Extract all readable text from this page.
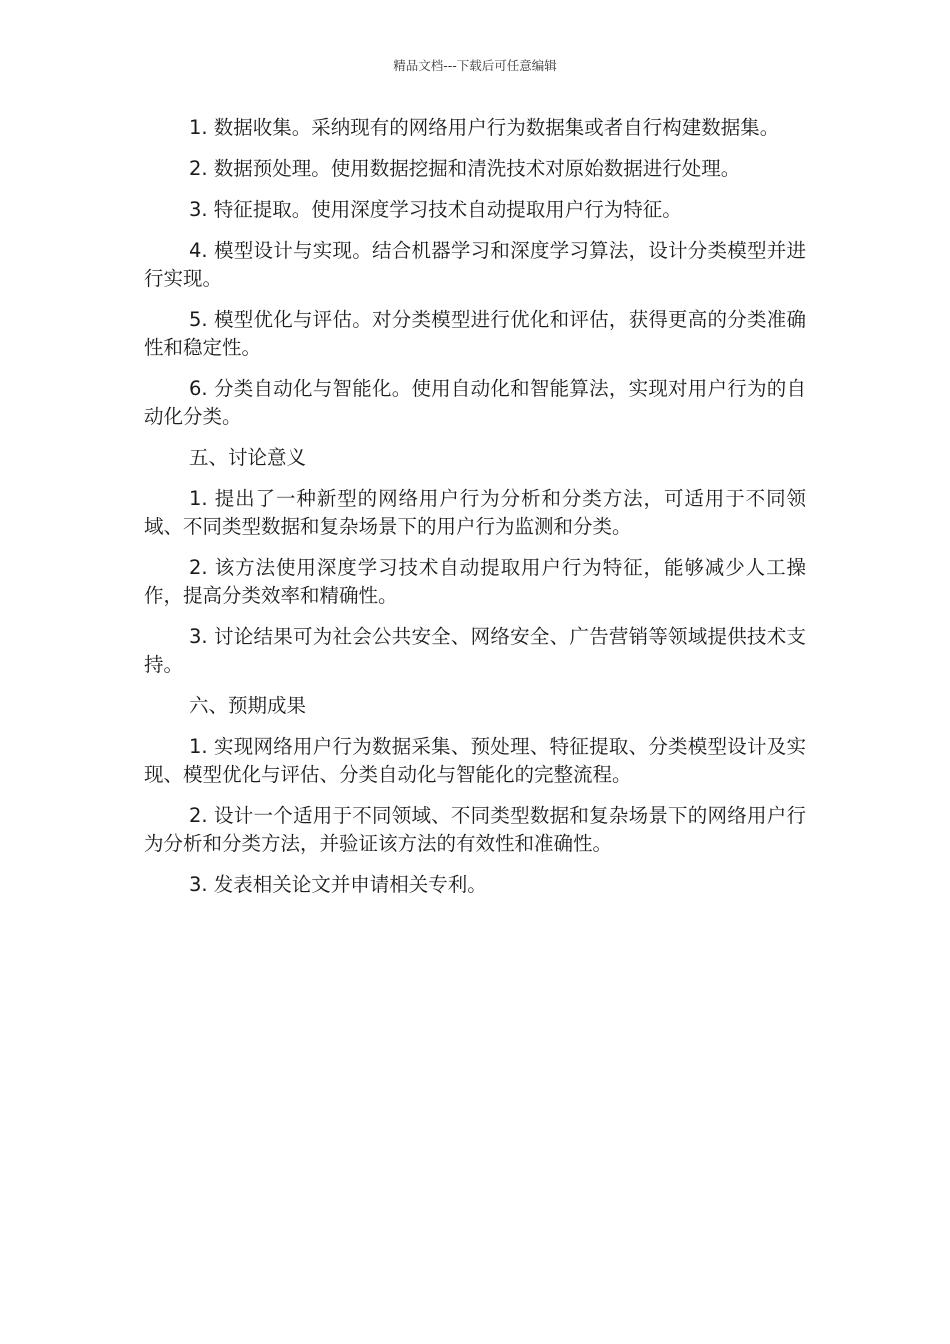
精品文档---下载后可任意编辑

1. 数据收集。采纳现有的网络用户行为数据集或者自行构建数据集。

2. 数据预处理。使用数据挖掘和清洗技术对原始数据进行处理。

3. 特征提取。使用深度学习技术自动提取用户行为特征。

4. 模型设计与实现。结合机器学习和深度学习算法，设计分类模型并进行实现。

5. 模型优化与评估。对分类模型进行优化和评估，获得更高的分类准确性和稳定性。

6. 分类自动化与智能化。使用自动化和智能算法，实现对用户行为的自动化分类。

五、讨论意义

1. 提出了一种新型的网络用户行为分析和分类方法，可适用于不同领域、不同类型数据和复杂场景下的用户行为监测和分类。

2. 该方法使用深度学习技术自动提取用户行为特征，能够减少人工操作，提高分类效率和精确性。

3. 讨论结果可为社会公共安全、网络安全、广告营销等领域提供技术支持。

六、预期成果

1. 实现网络用户行为数据采集、预处理、特征提取、分类模型设计及实现、模型优化与评估、分类自动化与智能化的完整流程。

2. 设计一个适用于不同领域、不同类型数据和复杂场景下的网络用户行为分析和分类方法，并验证该方法的有效性和准确性。

3. 发表相关论文并申请相关专利。
